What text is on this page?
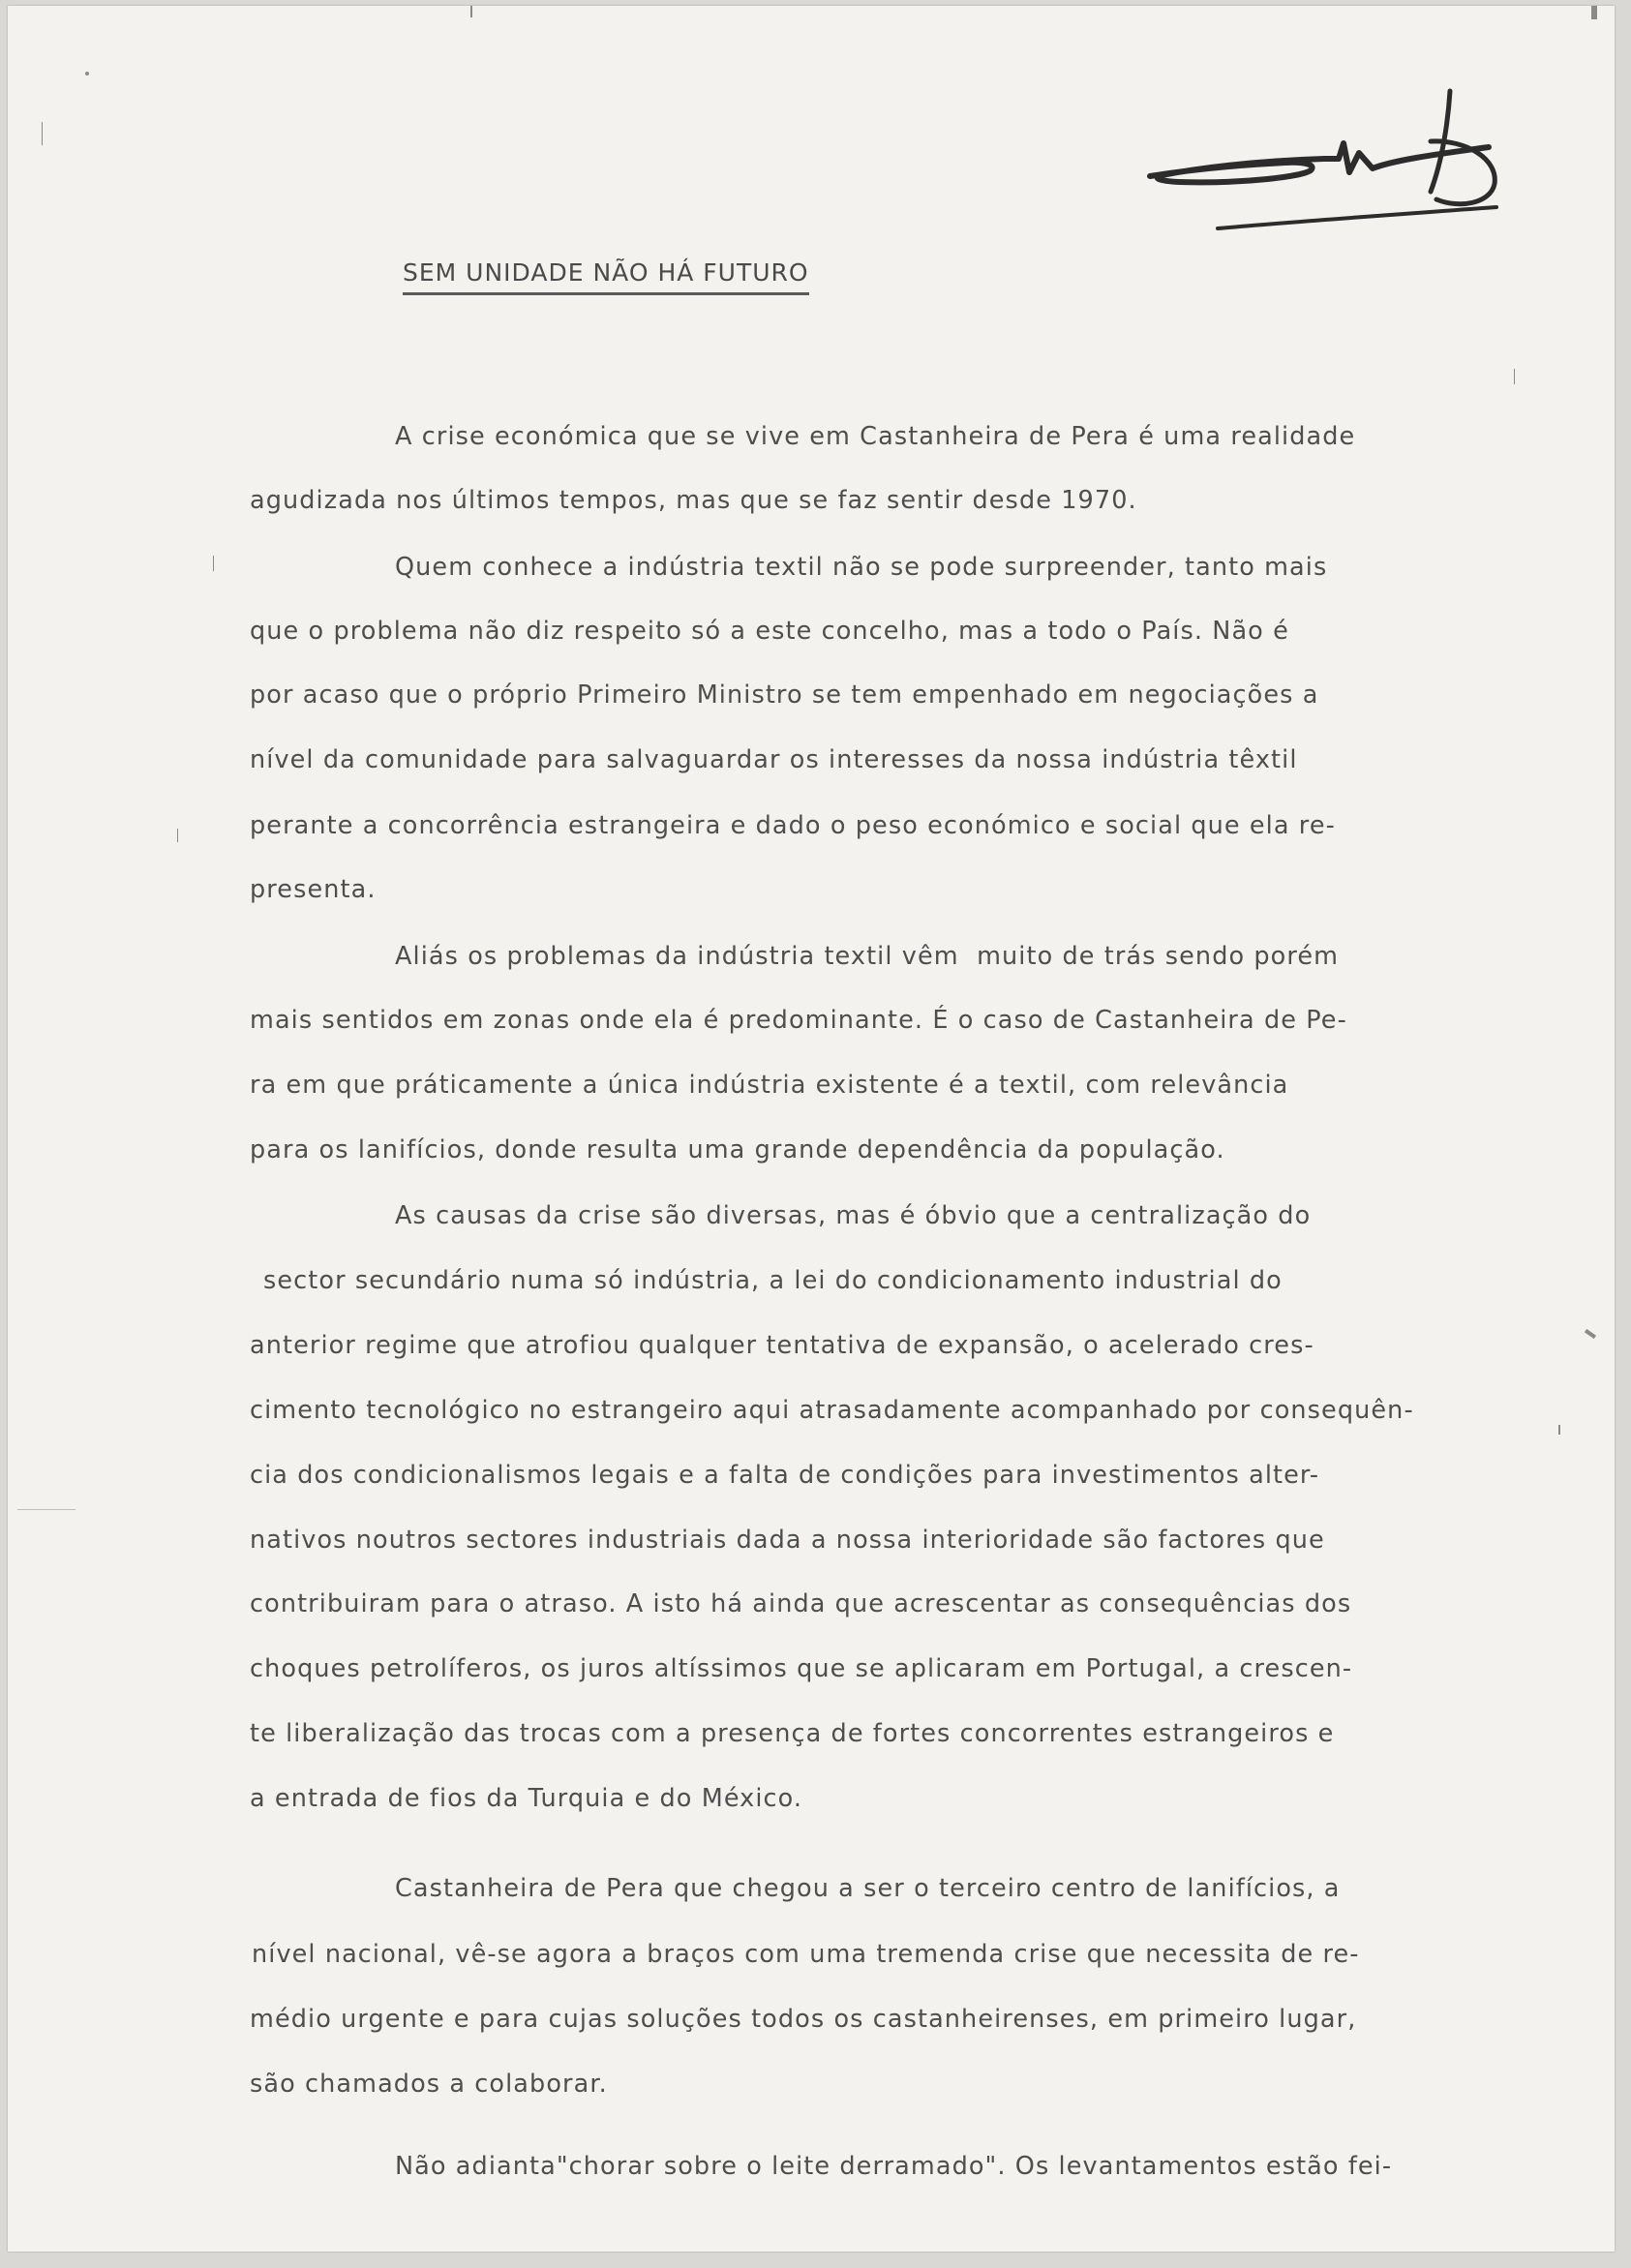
SEM UNIDADE NÃO HÁ FUTURO

A crise económica que se vive em Castanheira de Pera é uma realidade

agudizada nos últimos tempos, mas que se faz sentir desde 1970.

Quem conhece a indústria textil não se pode surpreender, tanto mais

que o problema não diz respeito só a este concelho, mas a todo o País. Não é

por acaso que o próprio Primeiro Ministro se tem empenhado em negociações a

nível da comunidade para salvaguardar os interesses da nossa indústria têxtil

perante a concorrência estrangeira e dado o peso económico e social que ela re-

presenta.

Aliás os problemas da indústria textil vêm  muito de trás sendo porém

mais sentidos em zonas onde ela é predominante. É o caso de Castanheira de Pe-

ra em que práticamente a única indústria existente é a textil, com relevância

para os lanifícios, donde resulta uma grande dependência da população.

As causas da crise são diversas, mas é óbvio que a centralização do

sector secundário numa só indústria, a lei do condicionamento industrial do

anterior regime que atrofiou qualquer tentativa de expansão, o acelerado cres-

cimento tecnológico no estrangeiro aqui atrasadamente acompanhado por consequên-

cia dos condicionalismos legais e a falta de condições para investimentos alter-

nativos noutros sectores industriais dada a nossa interioridade são factores que

contribuiram para o atraso. A isto há ainda que acrescentar as consequências dos

choques petrolíferos, os juros altíssimos que se aplicaram em Portugal, a crescen-

te liberalização das trocas com a presença de fortes concorrentes estrangeiros e

a entrada de fios da Turquia e do México.

Castanheira de Pera que chegou a ser o terceiro centro de lanifícios, a

nível nacional, vê-se agora a braços com uma tremenda crise que necessita de re-

médio urgente e para cujas soluções todos os castanheirenses, em primeiro lugar,

são chamados a colaborar.

Não adianta"chorar sobre o leite derramado". Os levantamentos estão fei-
